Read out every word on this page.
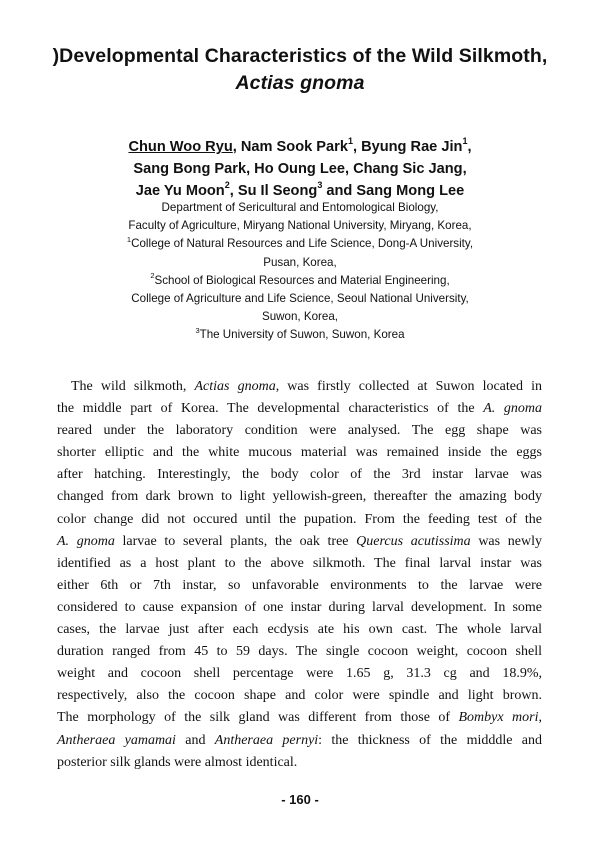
)Developmental Characteristics of the Wild Silkmoth,
Actias gnoma
Chun Woo Ryu, Nam Sook Park$^1$, Byung Rae Jin$^1$,
Sang Bong Park, Ho Oung Lee, Chang Sic Jang,
Jae Yu Moon$^2$, Su Il Seong$^3$ and Sang Mong Lee
Department of Sericultural and Entomological Biology,
Faculty of Agriculture, Miryang National University, Miryang, Korea,
$^1$College of Natural Resources and Life Science, Dong-A University,
Pusan, Korea,
$^2$School of Biological Resources and Material Engineering,
College of Agriculture and Life Science, Seoul National University,
Suwon, Korea,
$^3$The University of Suwon, Suwon, Korea
The wild silkmoth, Actias gnoma, was firstly collected at Suwon located in
the middle part of Korea. The developmental characteristics of the A. gnoma
reared under the laboratory condition were analysed. The egg shape was
shorter elliptic and the white mucous material was remained inside the eggs
after hatching. Interestingly, the body color of the 3rd instar larvae was
changed from dark brown to light yellowish-green, thereafter the amazing body
color change did not occured until the pupation. From the feeding test of the
A. gnoma larvae to several plants, the oak tree Quercus acutissima was newly
identified as a host plant to the above silkmoth. The final larval instar was
either 6th or 7th instar, so unfavorable environments to the larvae were
considered to cause expansion of one instar during larval development. In some
cases, the larvae just after each ecdysis ate his own cast. The whole larval
duration ranged from 45 to 59 days. The single cocoon weight, cocoon shell
weight and cocoon shell percentage were 1.65 g, 31.3 cg and 18.9%,
respectively, also the cocoon shape and color were spindle and light brown.
The morphology of the silk gland was different from those of Bombyx mori,
Antheraea yamamai and Antheraea pernyi: the thickness of the midddle and
posterior silk glands were almost identical.
- 160 -
